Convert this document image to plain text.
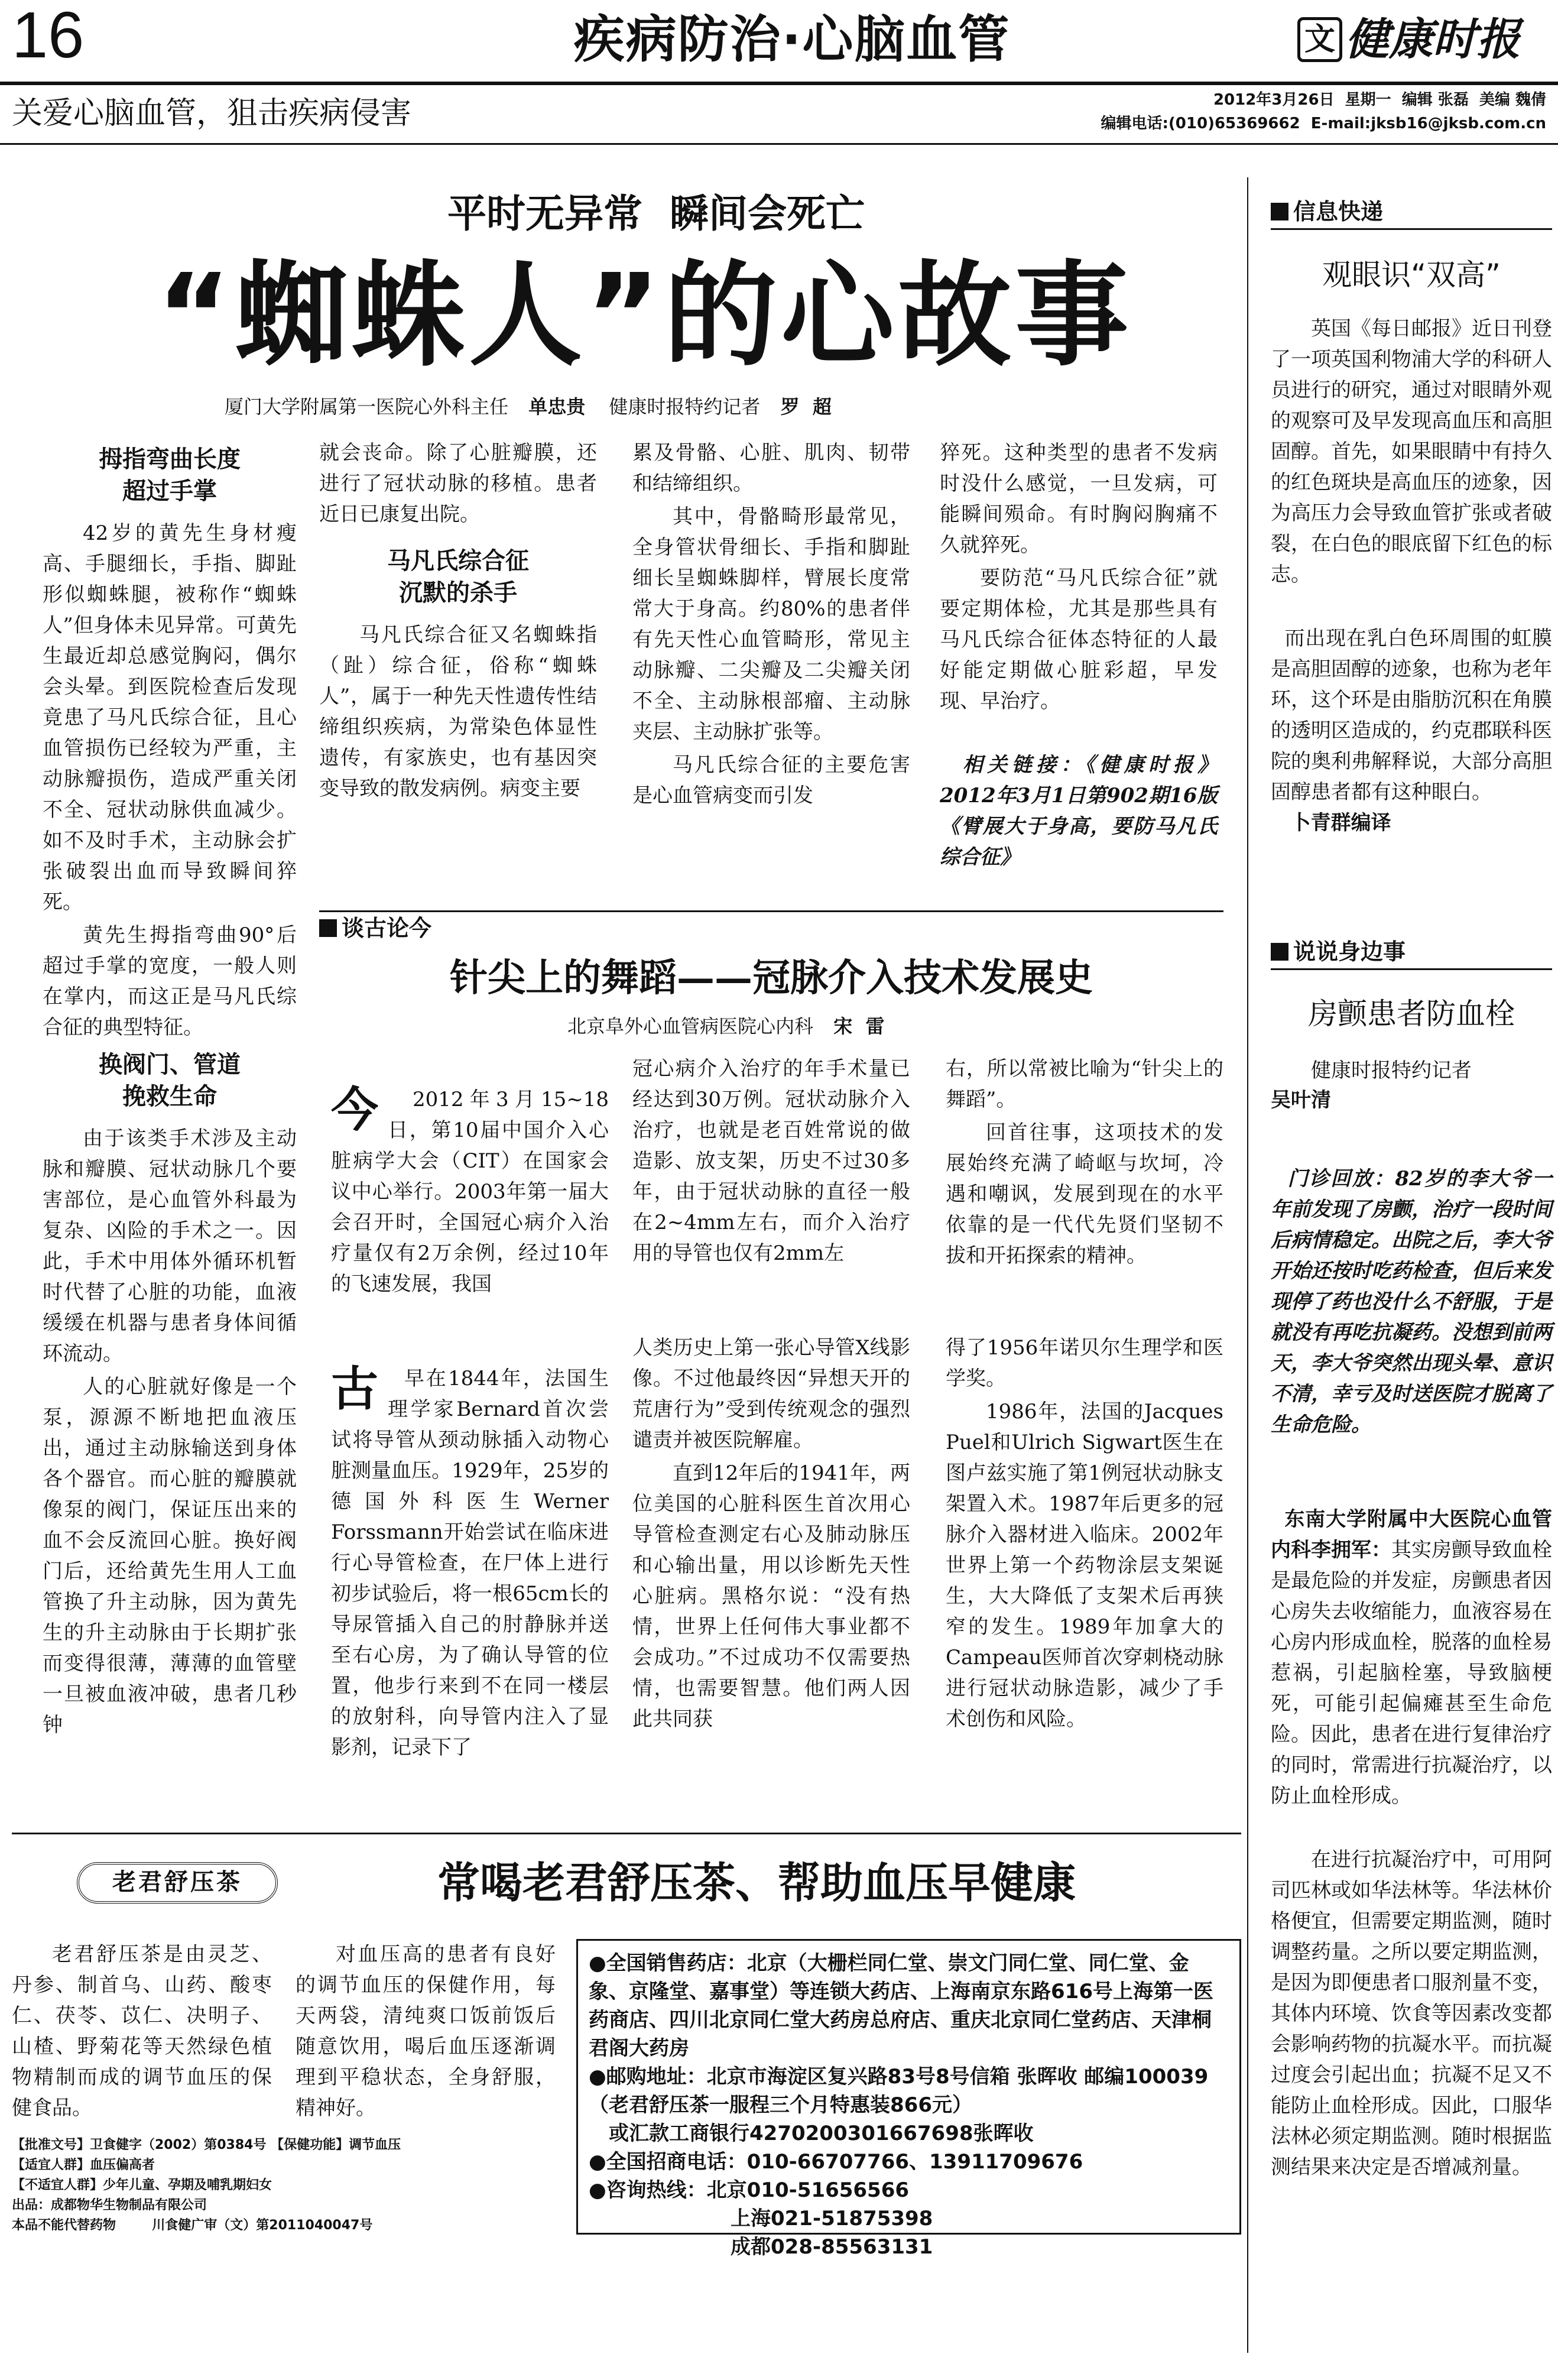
16	疾病防治·心脑血管	文 健康时报
关爱心脑血管，狙击疾病侵害	2012年3月26日  星期一  编辑 张磊  美编 魏倩
编辑电话:(010)65369662  E-mail:jksb16@jksb.com.cn
平时无异常  瞬间会死亡
“蜘蛛人”的心故事
厦门大学附属第一医院心外科主任 单忠贵 健康时报特约记者 罗  超
拇指弯曲长度
超过手掌

42岁的黄先生身材瘦高、手腿细长，手指、脚趾形似蜘蛛腿，被称作“蜘蛛人”但身体未见异常。可黄先生最近却总感觉胸闷，偶尔会头晕。到医院检查后发现竟患了马凡氏综合征，且心血管损伤已经较为严重，主动脉瓣损伤，造成严重关闭不全、冠状动脉供血减少。如不及时手术，主动脉会扩张破裂出血而导致瞬间猝死。

黄先生拇指弯曲90°后超过手掌的宽度，一般人则在掌内，而这正是马凡氏综合征的典型特征。

换阀门、管道
挽救生命

由于该类手术涉及主动脉和瓣膜、冠状动脉几个要害部位，是心血管外科最为复杂、凶险的手术之一。因此，手术中用体外循环机暂时代替了心脏的功能，血液缓缓在机器与患者身体间循环流动。

人的心脏就好像是一个泵，源源不断地把血液压出，通过主动脉输送到身体各个器官。而心脏的瓣膜就像泵的阀门，保证压出来的血不会反流回心脏。换好阀门后，还给黄先生用人工血管换了升主动脉，因为黄先生的升主动脉由于长期扩张而变得很薄，薄薄的血管壁一旦被血液冲破，患者几秒钟

就会丧命。除了心脏瓣膜，还进行了冠状动脉的移植。患者近日已康复出院。

马凡氏综合征
沉默的杀手

马凡氏综合征又名蜘蛛指（趾）综合征，俗称“蜘蛛人”，属于一种先天性遗传性结缔组织疾病，为常染色体显性遗传，有家族史，也有基因突变导致的散发病例。病变主要

累及骨骼、心脏、肌肉、韧带和结缔组织。

其中，骨骼畸形最常见，全身管状骨细长、手指和脚趾细长呈蜘蛛脚样，臂展长度常常大于身高。约80%的患者伴有先天性心血管畸形，常见主动脉瓣、二尖瓣及二尖瓣关闭不全、主动脉根部瘤、主动脉夹层、主动脉扩张等。

马凡氏综合征的主要危害是心血管病变而引发

猝死。这种类型的患者不发病时没什么感觉，一旦发病，可能瞬间殒命。有时胸闷胸痛不久就猝死。

要防范“马凡氏综合征”就要定期体检，尤其是那些具有马凡氏综合征体态特征的人最好能定期做心脏彩超，早发现、早治疗。

相关链接：《健康时报》2012年3月1日第902期16版《臂展大于身高，要防马凡氏综合征》

谈古论今
针尖上的舞蹈——冠脉介入技术发展史
北京阜外心血管病医院心内科 宋  雷

今 2012年3月15~18日，第10届中国介入心脏病学大会（CIT）在国家会议中心举行。2003年第一届大会召开时，全国冠心病介入治疗量仅有2万余例，经过10年的飞速发展，我国

冠心病介入治疗的年手术量已经达到30万例。冠状动脉介入治疗，也就是老百姓常说的做造影、放支架，历史不过30多年，由于冠状动脉的直径一般在2~4mm左右，而介入治疗用的导管也仅有2mm左

右，所以常被比喻为“针尖上的舞蹈”。

回首往事，这项技术的发展始终充满了崎岖与坎坷，冷遇和嘲讽，发展到现在的水平依靠的是一代代先贤们坚韧不拔和开拓探索的精神。

古 早在1844年，法国生理学家Bernard首次尝试将导管从颈动脉插入动物心脏测量血压。1929年，25岁的德国外科医生Werner Forssmann开始尝试在临床进行心导管检查，在尸体上进行初步试验后，将一根65cm长的导尿管插入自己的肘静脉并送至右心房，为了确认导管的位置，他步行来到不在同一楼层的放射科，向导管内注入了显影剂，记录下了

人类历史上第一张心导管X线影像。不过他最终因“异想天开的荒唐行为”受到传统观念的强烈谴责并被医院解雇。

直到12年后的1941年，两位美国的心脏科医生首次用心导管检查测定右心及肺动脉压和心输出量，用以诊断先天性心脏病。黑格尔说：“没有热情，世界上任何伟大事业都不会成功。”不过成功不仅需要热情，也需要智慧。他们两人因此共同获

得了1956年诺贝尔生理学和医学奖。

1986年，法国的Jacques Puel和Ulrich Sigwart医生在图卢兹实施了第1例冠状动脉支架置入术。1987年后更多的冠脉介入器材进入临床。2002年世界上第一个药物涂层支架诞生，大大降低了支架术后再狭窄的发生。1989年加拿大的Campeau医师首次穿刺桡动脉进行冠状动脉造影，减少了手术创伤和风险。

信息快递
观眼识“双高”

英国《每日邮报》近日刊登了一项英国利物浦大学的科研人员进行的研究，通过对眼睛外观的观察可及早发现高血压和高胆固醇。首先，如果眼睛中有持久的红色斑块是高血压的迹象，因为高压力会导致血管扩张或者破裂，在白色的眼底留下红色的标志。

而出现在乳白色环周围的虹膜是高胆固醇的迹象，也称为老年环，这个环是由脂肪沉积在角膜的透明区造成的，约克郡联科医院的奥利弗解释说，大部分高胆固醇患者都有这种眼白。
卜青群编译

说说身边事
房颤患者防血栓
健康时报特约记者
吴叶清

门诊回放：82岁的李大爷一年前发现了房颤，治疗一段时间后病情稳定。出院之后，李大爷开始还按时吃药检查，但后来发现停了药也没什么不舒服，于是就没有再吃抗凝药。没想到前两天，李大爷突然出现头晕、意识不清，幸亏及时送医院才脱离了生命危险。

东南大学附属中大医院心血管内科李拥军：其实房颤导致血栓是最危险的并发症，房颤患者因心房失去收缩能力，血液容易在心房内形成血栓，脱落的血栓易惹祸，引起脑栓塞，导致脑梗死，可能引起偏瘫甚至生命危险。因此，患者在进行复律治疗的同时，常需进行抗凝治疗，以防止血栓形成。

在进行抗凝治疗中，可用阿司匹林或如华法林等。华法林价格便宜，但需要定期监测，随时调整药量。之所以要定期监测，是因为即便患者口服剂量不变，其体内环境、饮食等因素改变都会影响药物的抗凝水平。而抗凝过度会引起出血；抗凝不足又不能防止血栓形成。因此，口服华法林必须定期监测。随时根据监测结果来决定是否增减剂量。

老君舒压茶	常喝老君舒压茶、帮助血压早健康

老君舒压茶是由灵芝、丹参、制首乌、山药、酸枣仁、茯苓、苡仁、决明子、山楂、野菊花等天然绿色植物精制而成的调节血压的保健食品。

对血压高的患者有良好的调节血压的保健作用，每天两袋，清纯爽口饭前饭后随意饮用，喝后血压逐渐调理到平稳状态，全身舒服，精神好。

●全国销售药店：北京（大栅栏同仁堂、崇文门同仁堂、同仁堂、金象、京隆堂、嘉事堂）等连锁大药店、上海南京东路616号上海第一医药商店、四川北京同仁堂大药房总府店、重庆北京同仁堂药店、天津桐君阁大药房
●邮购地址：北京市海淀区复兴路83号8号信箱 张晖收 邮编100039（老君舒压茶一服程三个月特惠装866元）
或汇款工商银行4270200301667698张晖收
●全国招商电话：010-66707766、13911709676
●咨询热线：北京010-51656566
上海021-51875398
成都028-85563131
【批准文号】卫食健字（2002）第0384号 【保健功能】调节血压
【适宜人群】血压偏高者
【不适宜人群】少年儿童、孕期及哺乳期妇女
出品：成都物华生物制品有限公司
本品不能代替药物        川食健广审（文）第2011040047号
